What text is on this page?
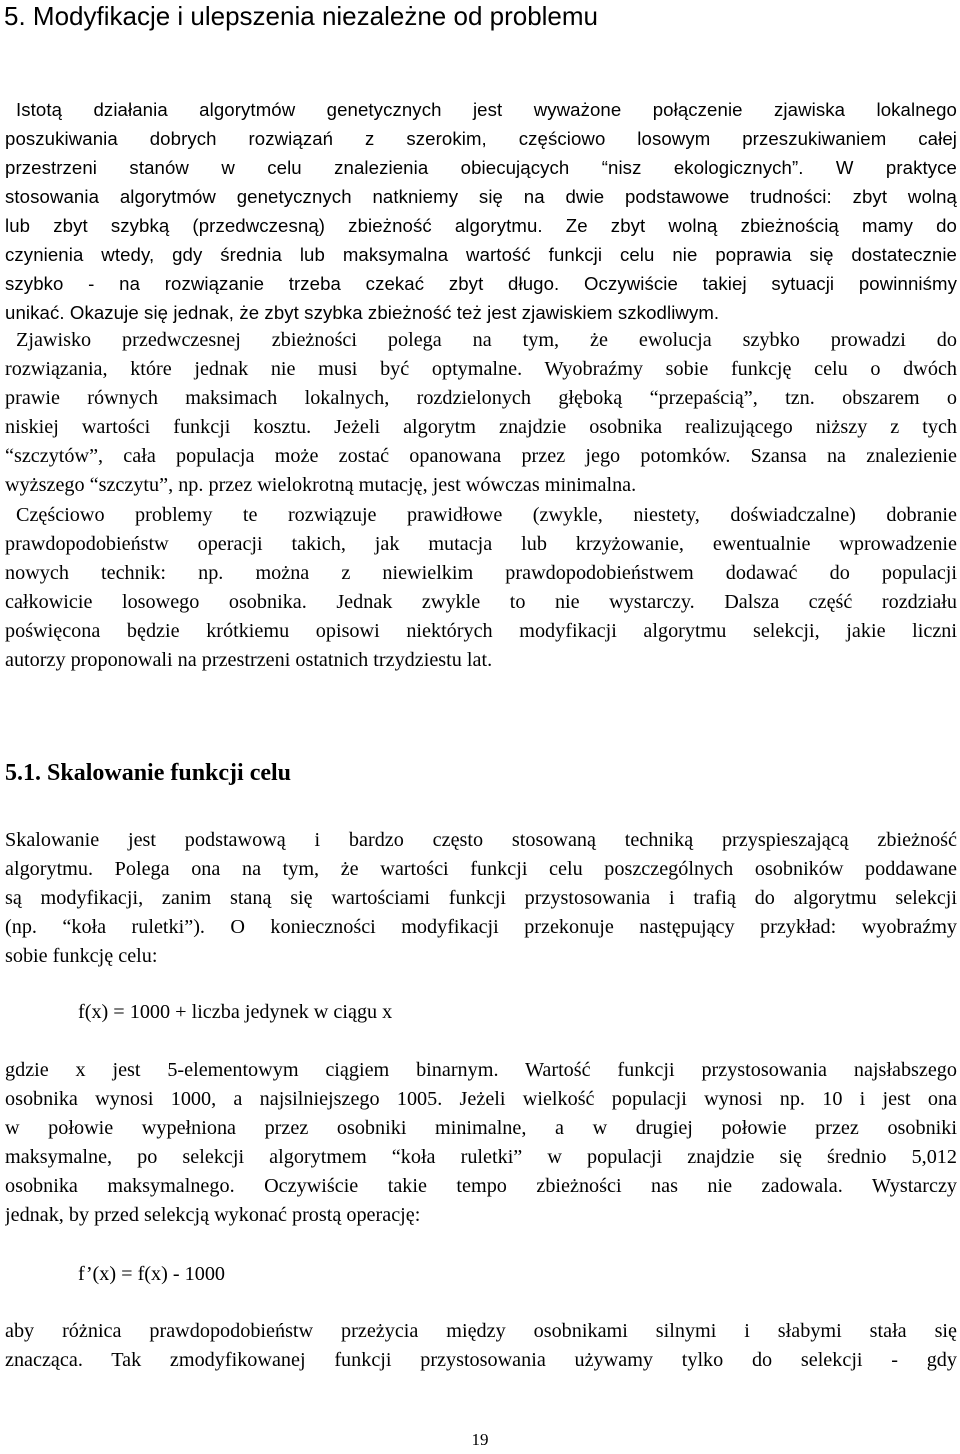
5. Modyfikacje i ulepszenia niezależne od problemu
Istotą działania algorytmów genetycznych jest wyważone połączenie zjawiska lokalnego
poszukiwania dobrych rozwiązań z szerokim, częściowo losowym przeszukiwaniem całej
przestrzeni stanów w celu znalezienia obiecujących “nisz ekologicznych”. W praktyce
stosowania algorytmów genetycznych natkniemy się na dwie podstawowe trudności: zbyt wolną
lub zbyt szybką (przedwczesną) zbieżność algorytmu. Ze zbyt wolną zbieżnością mamy do
czynienia wtedy, gdy średnia lub maksymalna wartość funkcji celu nie poprawia się dostatecznie
szybko - na rozwiązanie trzeba czekać zbyt długo. Oczywiście takiej sytuacji powinniśmy
unikać. Okazuje się jednak, że zbyt szybka zbieżność też jest zjawiskiem szkodliwym.
Zjawisko przedwczesnej zbieżności polega na tym, że ewolucja szybko prowadzi do
rozwiązania, które jednak nie musi być optymalne. Wyobraźmy sobie funkcję celu o dwóch
prawie równych maksimach lokalnych, rozdzielonych głęboką “przepaścią”, tzn. obszarem o
niskiej wartości funkcji kosztu. Jeżeli algorytm znajdzie osobnika realizującego niższy z tych
“szczytów”, cała populacja może zostać opanowana przez jego potomków. Szansa na znalezienie
wyższego “szczytu”, np. przez wielokrotną mutację, jest wówczas minimalna.
Częściowo problemy te rozwiązuje prawidłowe (zwykle, niestety, doświadczalne) dobranie
prawdopodobieństw operacji takich, jak mutacja lub krzyżowanie, ewentualnie wprowadzenie
nowych technik: np. można z niewielkim prawdopodobieństwem dodawać do populacji
całkowicie losowego osobnika. Jednak zwykle to nie wystarczy. Dalsza część rozdziału
poświęcona będzie krótkiemu opisowi niektórych modyfikacji algorytmu selekcji, jakie liczni
autorzy proponowali na przestrzeni ostatnich trzydziestu lat.
5.1. Skalowanie funkcji celu
Skalowanie jest podstawową i bardzo często stosowaną techniką przyspieszającą zbieżność
algorytmu. Polega ona na tym, że wartości funkcji celu poszczególnych osobników poddawane
są modyfikacji, zanim staną się wartościami funkcji przystosowania i trafią do algorytmu selekcji
(np. “koła ruletki”). O konieczności modyfikacji przekonuje następujący przykład: wyobraźmy
sobie funkcję celu:
f(x) = 1000 + liczba jedynek w ciągu x
gdzie x jest 5-elementowym ciągiem binarnym. Wartość funkcji przystosowania najsłabszego
osobnika wynosi 1000, a najsilniejszego 1005. Jeżeli wielkość populacji wynosi np. 10 i jest ona
w połowie wypełniona przez osobniki minimalne, a w drugiej połowie przez osobniki
maksymalne, po selekcji algorytmem “koła ruletki” w populacji znajdzie się średnio 5,012
osobnika maksymalnego. Oczywiście takie tempo zbieżności nas nie zadowala. Wystarczy
jednak, by przed selekcją wykonać prostą operację:
f’(x) = f(x) - 1000
aby różnica prawdopodobieństw przeżycia między osobnikami silnymi i słabymi stała się
znacząca. Tak zmodyfikowanej funkcji przystosowania używamy tylko do selekcji - gdy
19
